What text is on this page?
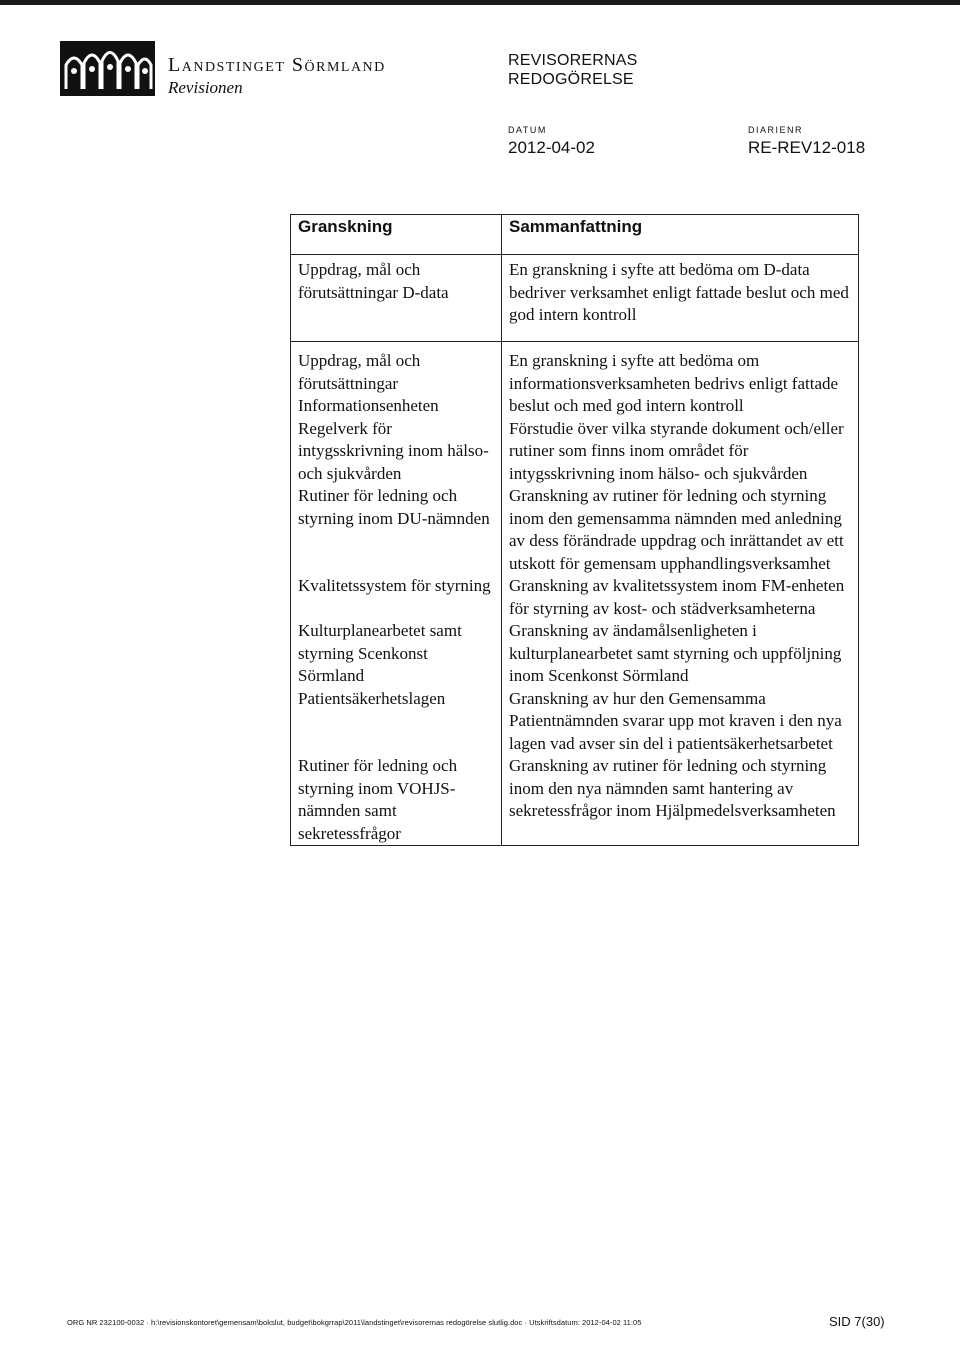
Landstinget Sörmland

Revisionen

REVISORERNAS
REDOGÖRELSE

DATUM

2012-04-02

DIARIENR

RE-REV12-018

Granskning	Sammanfattning
Uppdrag, mål och förutsättningar D-data	En granskning i syfte att bedöma om D-data bedriver verksamhet enligt fattade beslut och med god intern kontroll
Uppdrag, mål och förutsättningar Informationsenheten	En granskning i syfte att bedöma om informationsverksamheten bedrivs enligt fattade beslut och med god intern kontroll
Regelverk för intygsskrivning inom hälso- och sjukvården	Förstudie över vilka styrande dokument och/eller rutiner som finns inom området för intygsskrivning inom hälso- och sjukvården
Rutiner för ledning och styrning inom DU-nämnden	Granskning av rutiner för ledning och styrning inom den gemensamma nämnden med anledning av dess förändrade uppdrag och inrättandet av ett utskott för gemensam upphandlingsverksamhet
Kvalitetssystem för styrning	Granskning av kvalitetssystem inom FM-enheten för styrning av kost- och städverksamheterna
Kulturplanearbetet samt styrning Scenkonst Sörmland	Granskning av ändamålsenligheten i kulturplanearbetet samt styrning och uppföljning inom Scenkonst Sörmland
Patientsäkerhetslagen	Granskning av hur den Gemensamma Patientnämnden svarar upp mot kraven i den nya lagen vad avser sin del i patientsäkerhetsarbetet
Rutiner för ledning och styrning inom VOHJS-nämnden samt sekretessfrågor	Granskning av rutiner för ledning och styrning inom den nya nämnden samt hantering av sekretessfrågor inom Hjälpmedelsverksamheten

ORG NR 232100-0032 · h:\revisionskontoret\gemensam\bokslut, budget\bokgrrap\2011\landstinget\revisorernas redogörelse slutlig.doc · Utskriftsdatum: 2012-04-02 11:05	SID 7(30)
